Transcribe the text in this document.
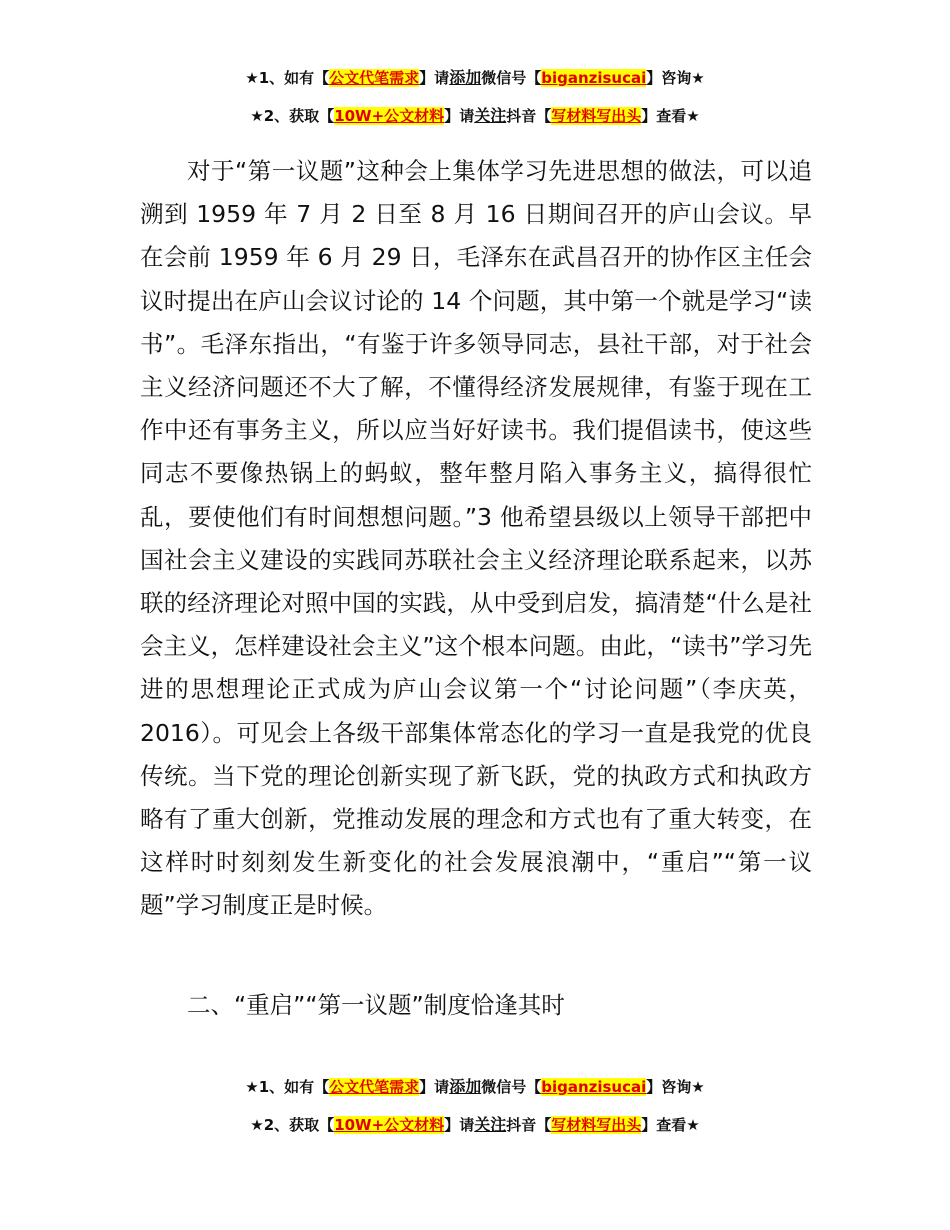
★1、如有【公文代笔需求】请添加微信号【biganzisucai】咨询★
★2、获取【10W+公文材料】请关注抖音【写材料写出头】查看★

对于“第一议题”这种会上集体学习先进思想的做法，可以追溯到 1959 年 7 月 2 日至 8 月 16 日期间召开的庐山会议。早在会前 1959 年 6 月 29 日，毛泽东在武昌召开的协作区主任会议时提出在庐山会议讨论的 14 个问题，其中第一个就是学习“读书”。毛泽东指出，“有鉴于许多领导同志，县社干部，对于社会主义经济问题还不大了解，不懂得经济发展规律，有鉴于现在工作中还有事务主义，所以应当好好读书。我们提倡读书，使这些同志不要像热锅上的蚂蚁，整年整月陷入事务主义，搞得很忙乱，要使他们有时间想想问题。”3 他希望县级以上领导干部把中国社会主义建设的实践同苏联社会主义经济理论联系起来，以苏联的经济理论对照中国的实践，从中受到启发，搞清楚“什么是社会主义，怎样建设社会主义”这个根本问题。由此，“读书”学习先进的思想理论正式成为庐山会议第一个“讨论问题”（李庆英，2016）。可见会上各级干部集体常态化的学习一直是我党的优良传统。当下党的理论创新实现了新飞跃，党的执政方式和执政方略有了重大创新，党推动发展的理念和方式也有了重大转变，在这样时时刻刻发生新变化的社会发展浪潮中，“重启”“第一议题”学习制度正是时候。

二、“重启”“第一议题”制度恰逢其时
★1、如有【公文代笔需求】请添加微信号【biganzisucai】咨询★
★2、获取【10W+公文材料】请关注抖音【写材料写出头】查看★
